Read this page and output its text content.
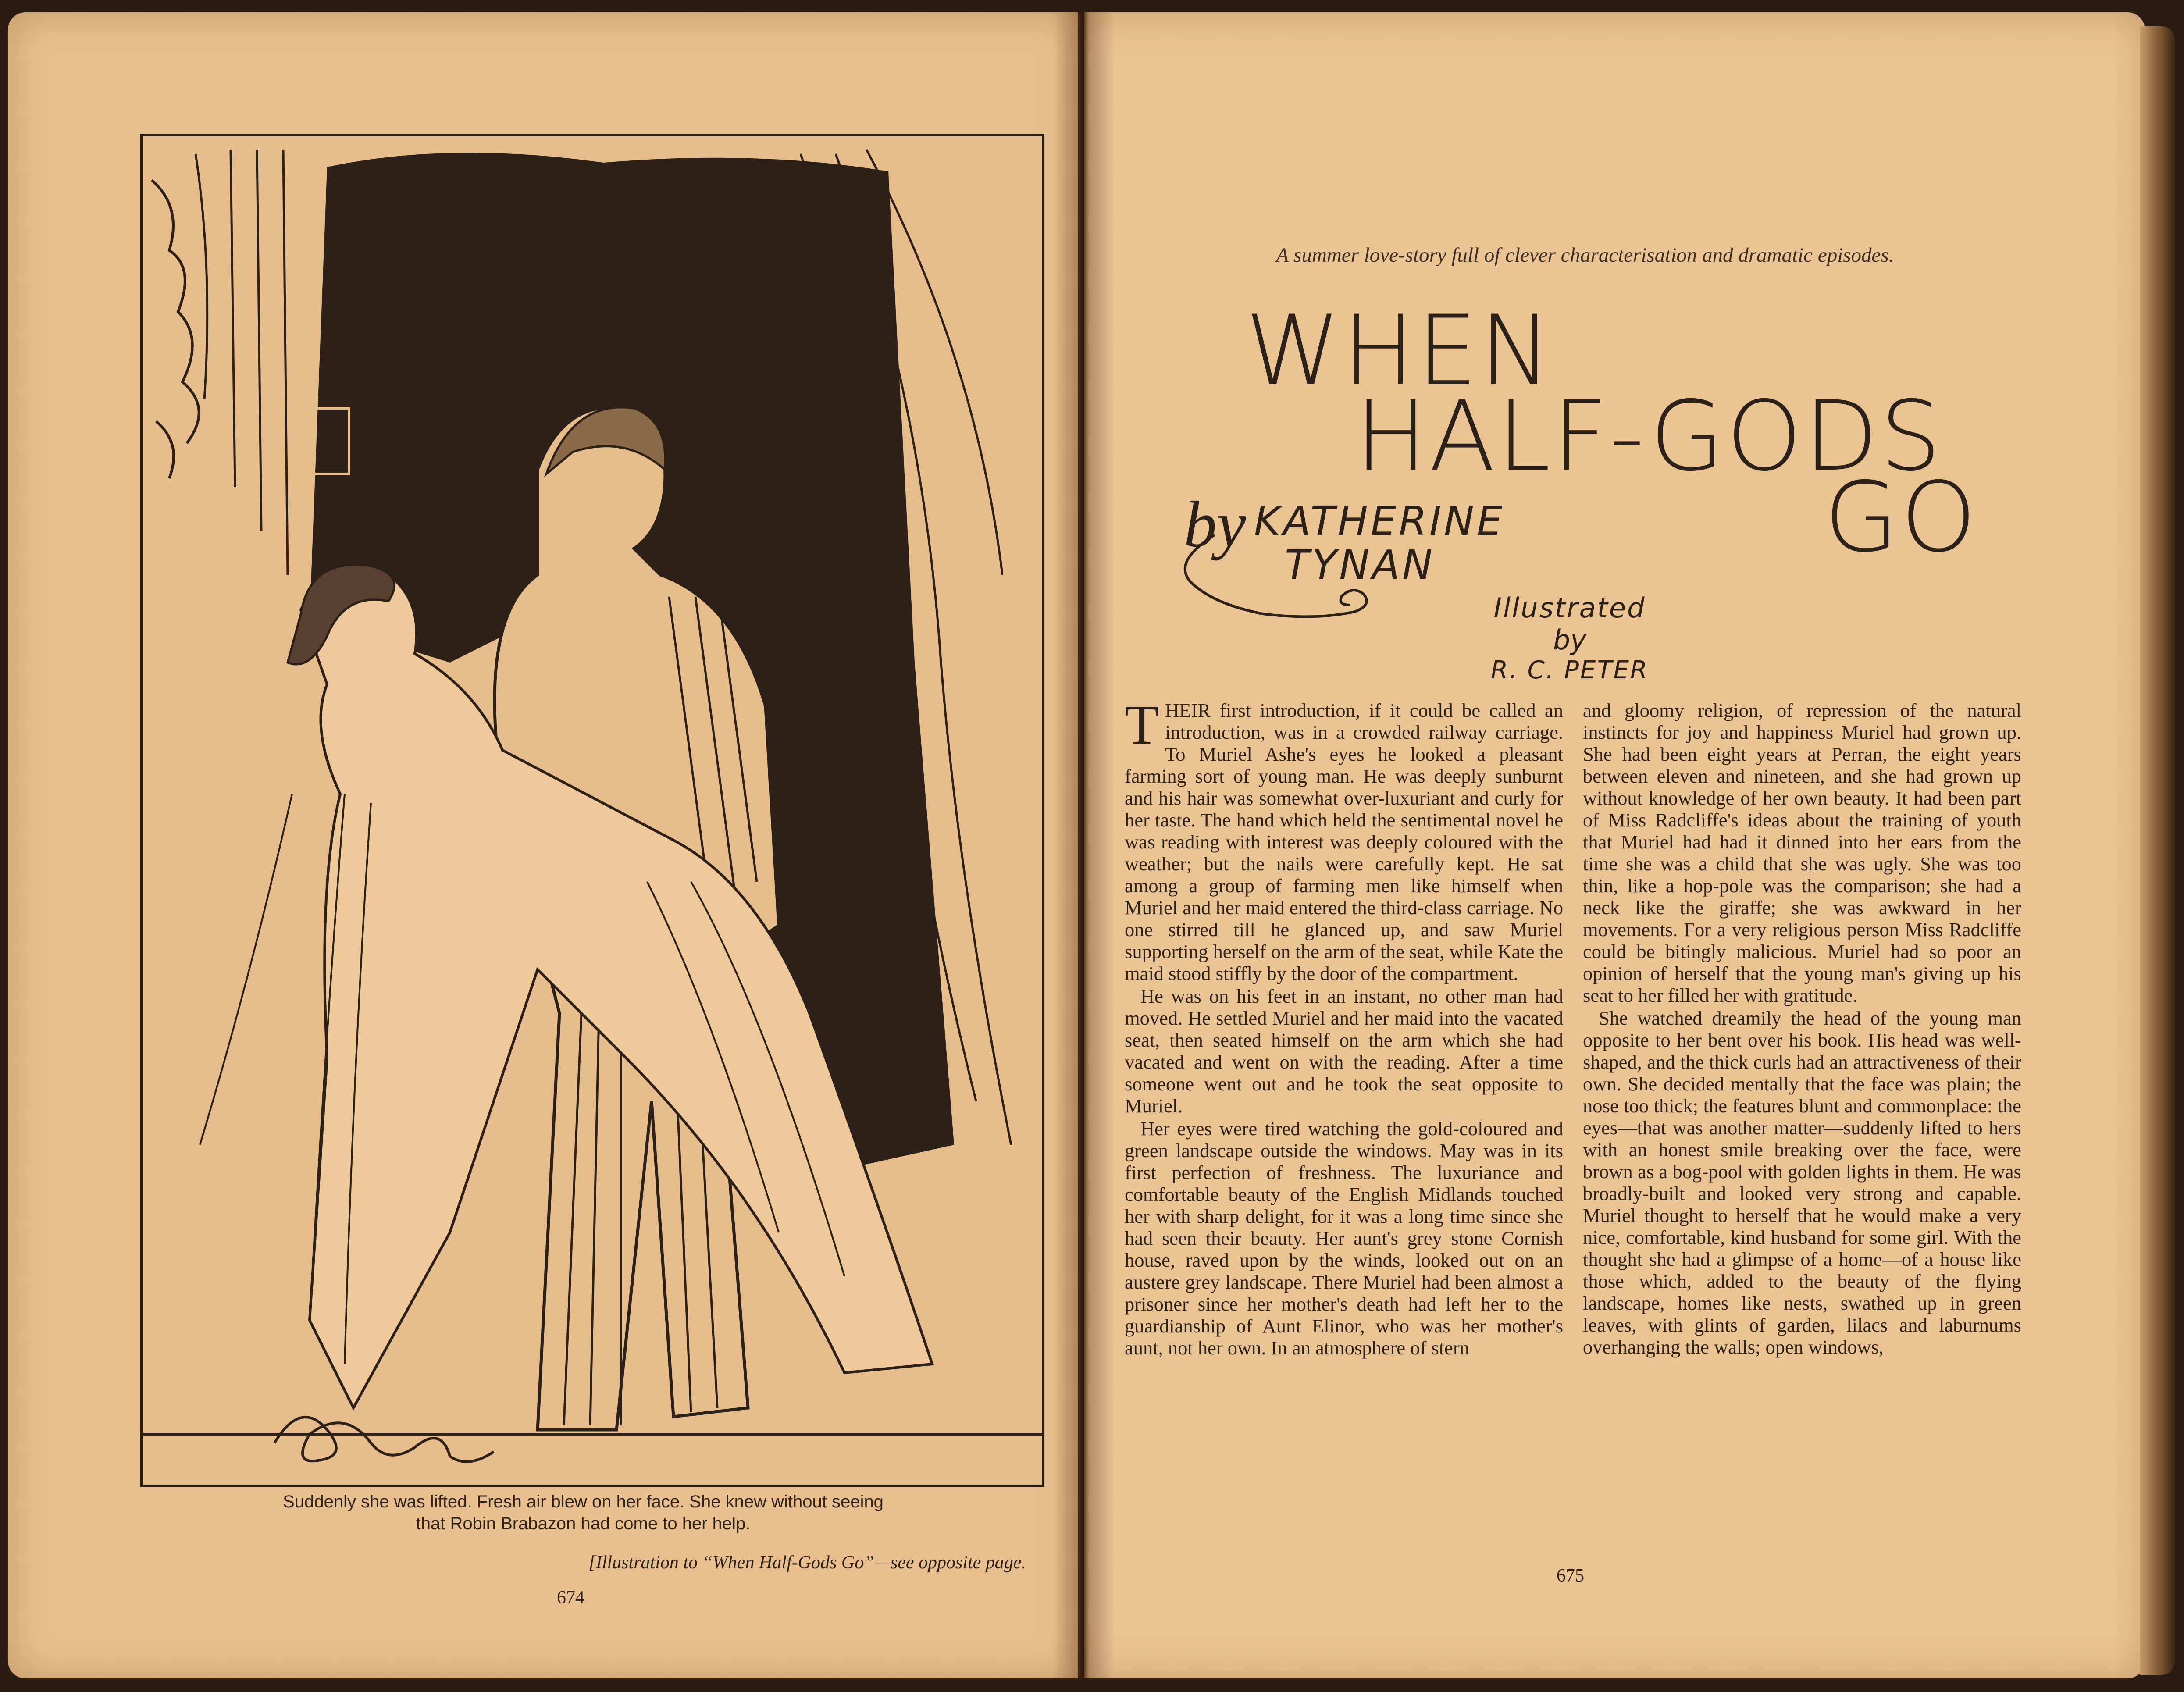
Suddenly she was lifted. Fresh air blew on her face. She knew without seeing
that Robin Brabazon had come to her help.
[Illustration to “When Half-Gods Go”—see opposite page.
674
A summer love-story full of clever characterisation and dramatic episodes.
WHEN
HALF-GODS
GO
by KATHERINE
TYNAN
Illustrated
by
R. C. PETER

THEIR first introduction, if it could be called an introduction, was in a crowded railway carriage. To Muriel Ashe's eyes he looked a pleasant farming sort of young man. He was deeply sunburnt and his hair was somewhat over-luxuriant and curly for her taste. The hand which held the sentimental novel he was reading with interest was deeply coloured with the weather; but the nails were carefully kept. He sat among a group of farming men like himself when Muriel and her maid entered the third-class carriage. No one stirred till he glanced up, and saw Muriel supporting herself on the arm of the seat, while Kate the maid stood stiffly by the door of the compartment.

He was on his feet in an instant, no other man had moved. He settled Muriel and her maid into the vacated seat, then seated himself on the arm which she had vacated and went on with the reading. After a time someone went out and he took the seat opposite to Muriel.

Her eyes were tired watching the gold-coloured and green landscape outside the windows. May was in its first perfection of freshness. The luxuriance and comfortable beauty of the English Midlands touched her with sharp delight, for it was a long time since she had seen their beauty. Her aunt's grey stone Cornish house, raved upon by the winds, looked out on an austere grey landscape. There Muriel had been almost a prisoner since her mother's death had left her to the guardianship of Aunt Elinor, who was her mother's aunt, not her own. In an atmosphere of stern

and gloomy religion, of repression of the natural instincts for joy and happiness Muriel had grown up. She had been eight years at Perran, the eight years between eleven and nineteen, and she had grown up without knowledge of her own beauty. It had been part of Miss Radcliffe's ideas about the training of youth that Muriel had had it dinned into her ears from the time she was a child that she was ugly. She was too thin, like a hop-pole was the comparison; she had a neck like the giraffe; she was awkward in her movements. For a very religious person Miss Radcliffe could be bitingly malicious. Muriel had so poor an opinion of herself that the young man's giving up his seat to her filled her with gratitude.

She watched dreamily the head of the young man opposite to her bent over his book. His head was well-shaped, and the thick curls had an attractiveness of their own. She decided mentally that the face was plain; the nose too thick; the features blunt and commonplace: the eyes—that was another matter—suddenly lifted to hers with an honest smile breaking over the face, were brown as a bog-pool with golden lights in them. He was broadly-built and looked very strong and capable. Muriel thought to herself that he would make a very nice, comfortable, kind husband for some girl. With the thought she had a glimpse of a home—of a house like those which, added to the beauty of the flying landscape, homes like nests, swathed up in green leaves, with glints of garden, lilacs and laburnums overhanging the walls; open windows,

675
